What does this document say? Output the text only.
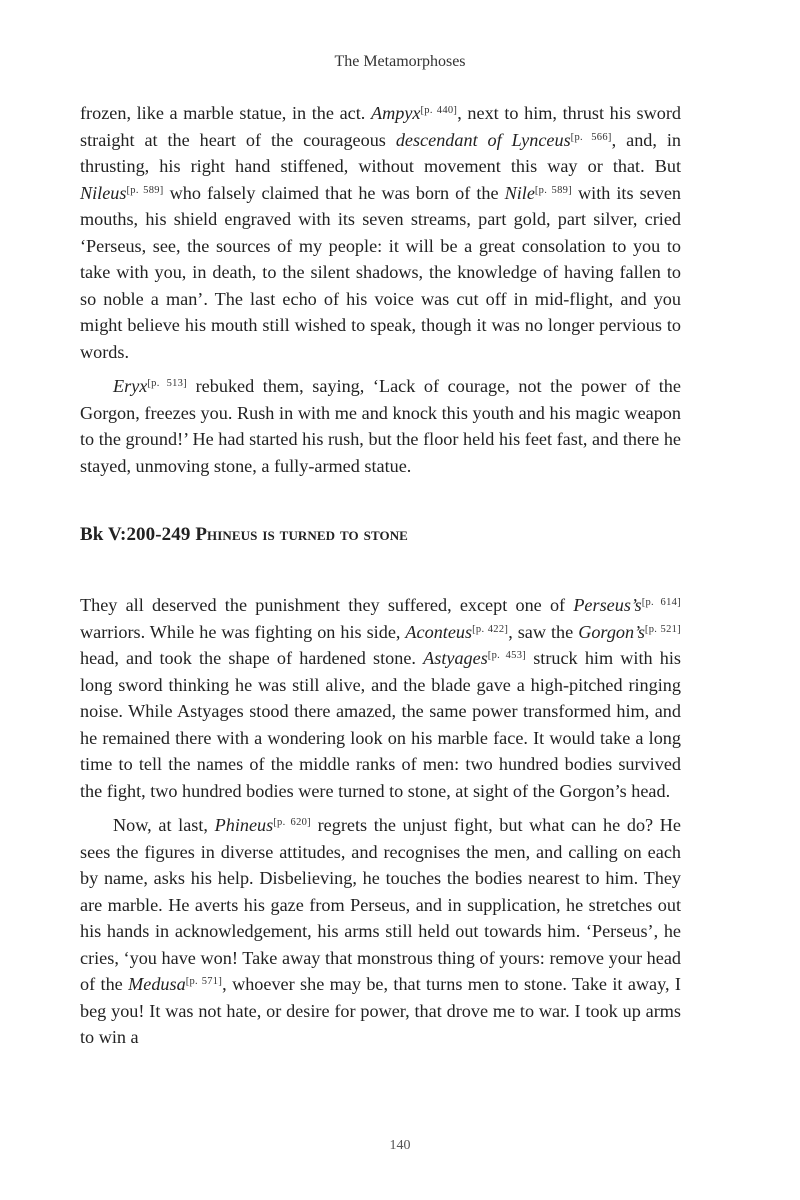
The Metamorphoses

frozen, like a marble statue, in the act. Ampyx[p. 440], next to him, thrust his sword straight at the heart of the courageous descendant of Lynceus[p. 566], and, in thrusting, his right hand stiffened, without movement this way or that. But Nileus[p. 589] who falsely claimed that he was born of the Nile[p. 589] with its seven mouths, his shield engraved with its seven streams, part gold, part silver, cried ‘Perseus, see, the sources of my people: it will be a great consolation to you to take with you, in death, to the silent shadows, the knowledge of having fallen to so noble a man’. The last echo of his voice was cut off in mid-flight, and you might believe his mouth still wished to speak, though it was no longer pervious to words.

Eryx[p. 513] rebuked them, saying, ‘Lack of courage, not the power of the Gorgon, freezes you. Rush in with me and knock this youth and his magic weapon to the ground!’ He had started his rush, but the floor held his feet fast, and there he stayed, unmoving stone, a fully-armed statue.

Bk V:200-249 Phineus is turned to stone

They all deserved the punishment they suffered, except one of Perseus’s[p. 614] warriors. While he was fighting on his side, Aconteus[p. 422], saw the Gorgon’s[p. 521] head, and took the shape of hardened stone. Astyages[p. 453] struck him with his long sword thinking he was still alive, and the blade gave a high-pitched ringing noise. While Astyages stood there amazed, the same power transformed him, and he remained there with a wondering look on his marble face. It would take a long time to tell the names of the middle ranks of men: two hundred bodies survived the fight, two hundred bodies were turned to stone, at sight of the Gorgon’s head.

Now, at last, Phineus[p. 620] regrets the unjust fight, but what can he do? He sees the figures in diverse attitudes, and recognises the men, and calling on each by name, asks his help. Disbelieving, he touches the bodies nearest to him. They are marble. He averts his gaze from Perseus, and in supplication, he stretches out his hands in acknowledgement, his arms still held out towards him. ‘Perseus’, he cries, ‘you have won! Take away that monstrous thing of yours: remove your head of the Medusa[p. 571], whoever she may be, that turns men to stone. Take it away, I beg you! It was not hate, or desire for power, that drove me to war. I took up arms to win a

140
